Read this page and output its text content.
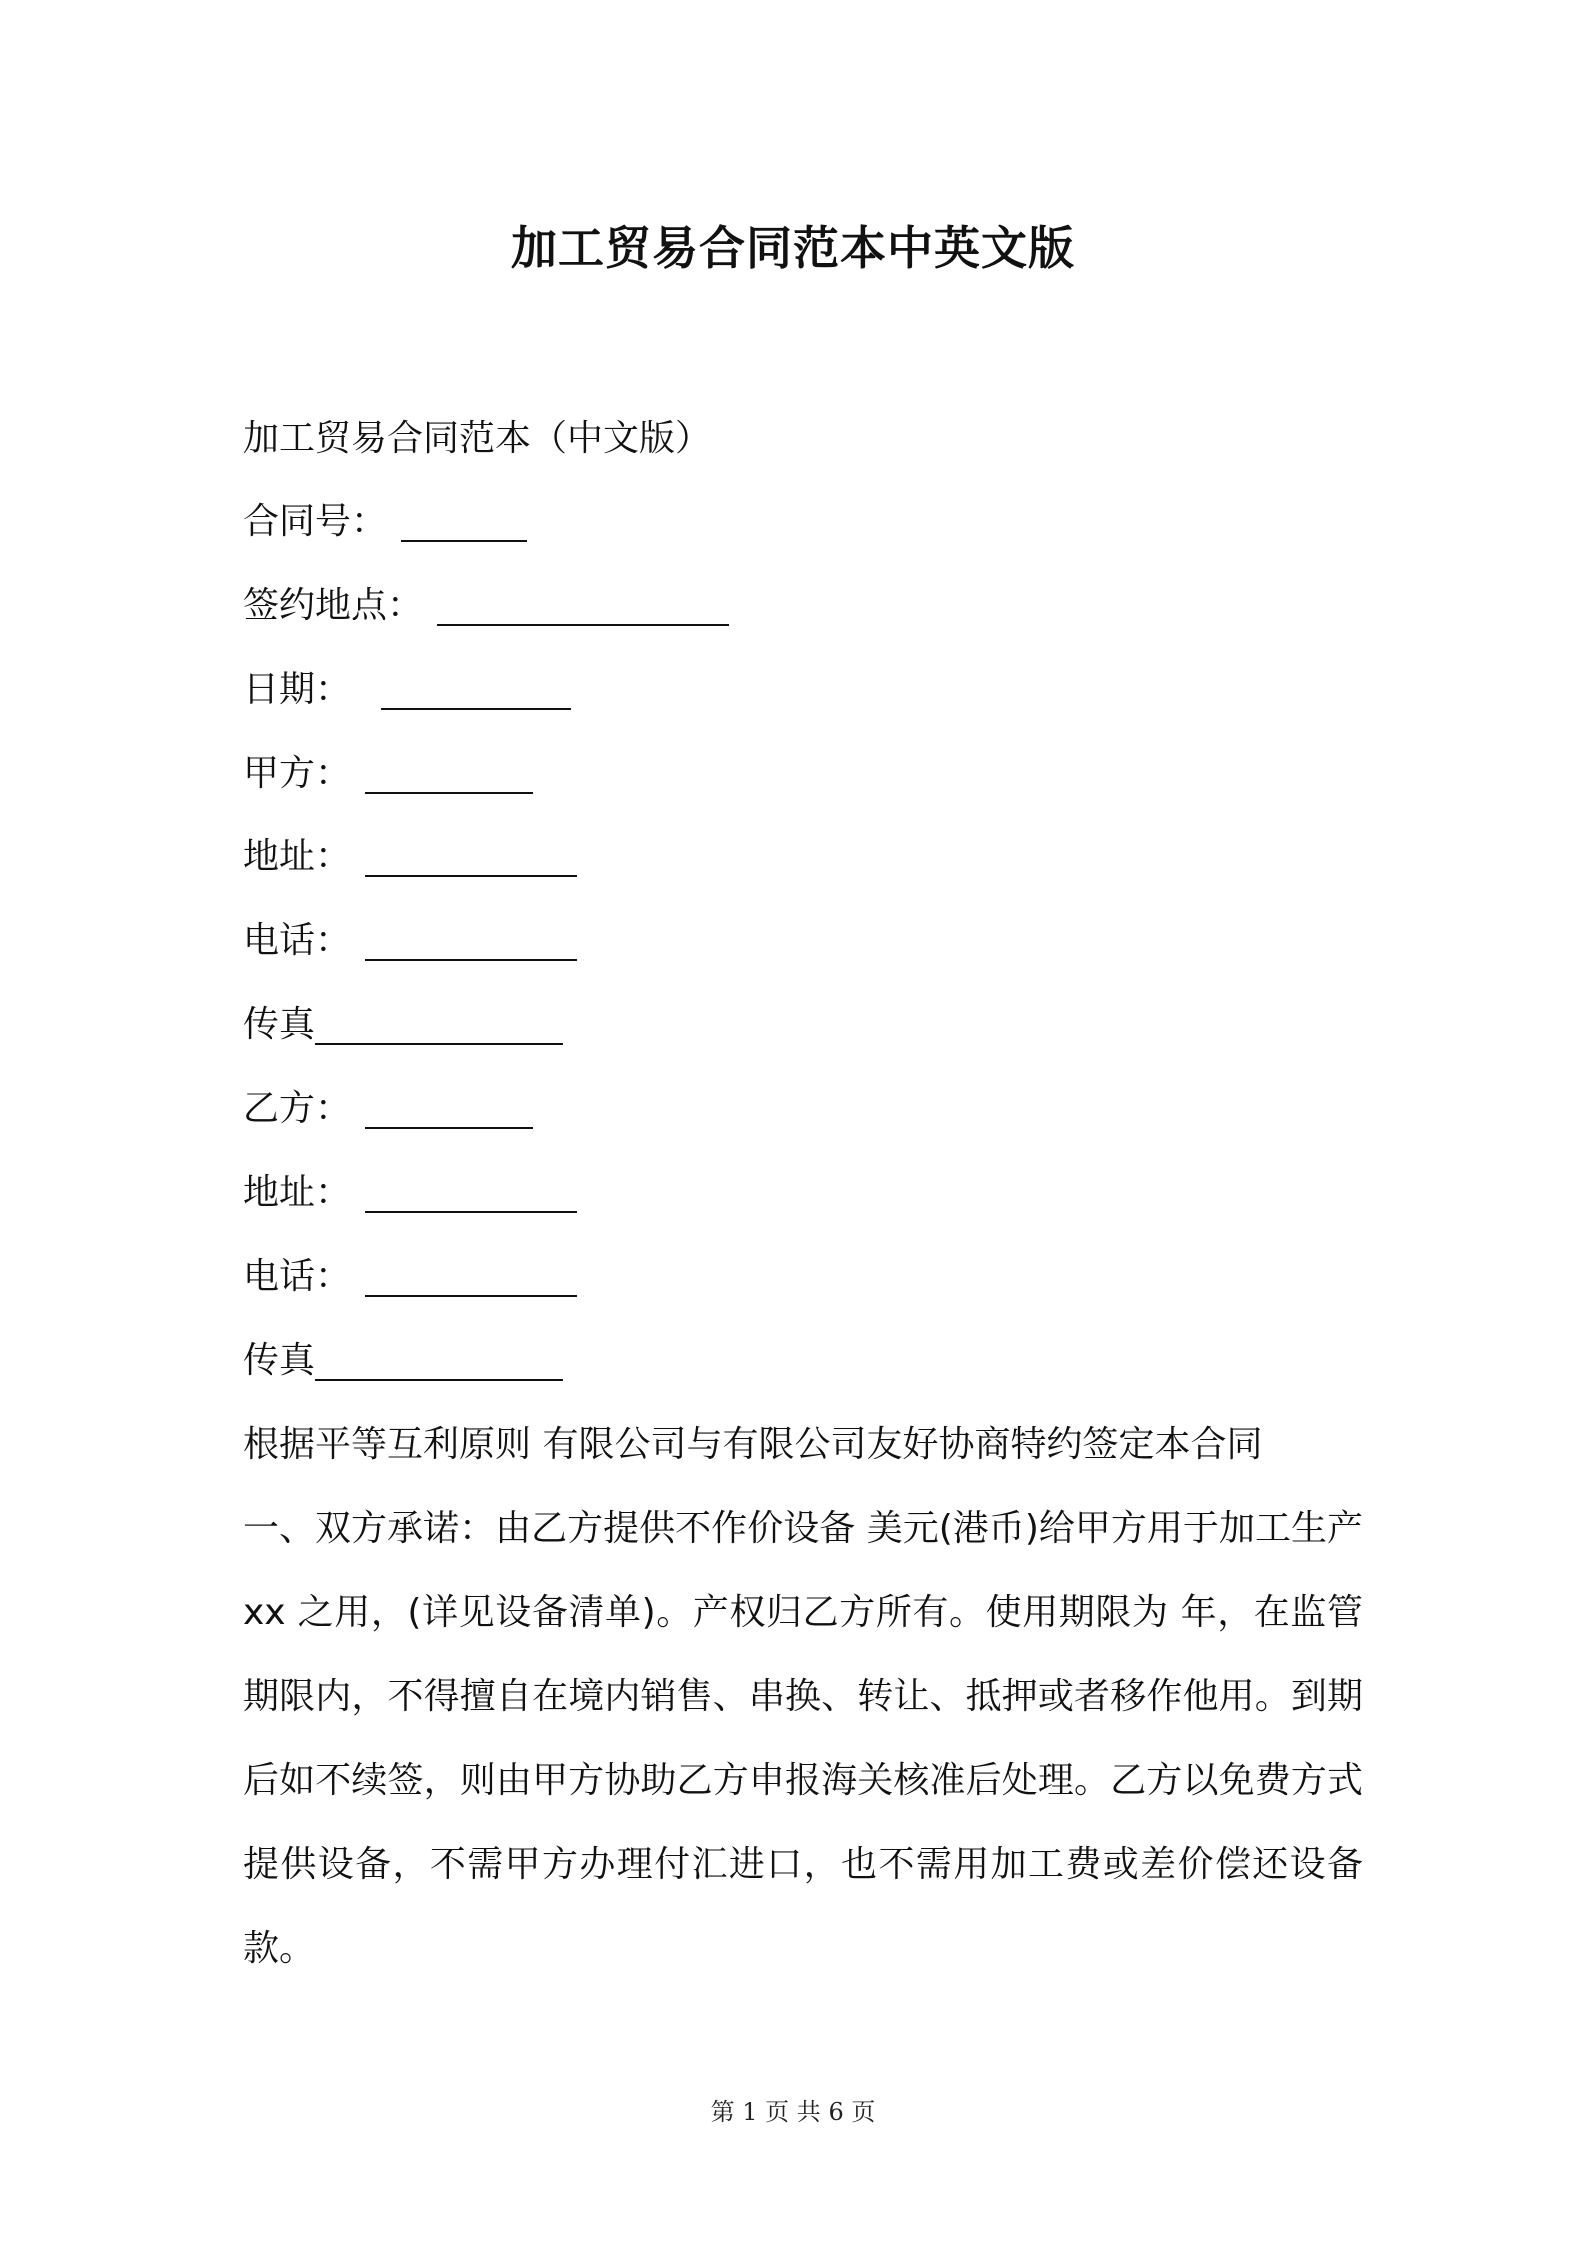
加工贸易合同范本中英文版
加工贸易合同范本（中文版）
合同号：
签约地点：
日期：
甲方：
地址：
电话：
传真
乙方：
地址：
电话：
传真
根据平等互利原则 有限公司与有限公司友好协商特约签定本合同
一、双方承诺：由乙方提供不作价设备 美元(港币)给甲方用于加工生产 xx 之用，(详见设备清单)。产权归乙方所有。使用期限为 年，在监管期限内，不得擅自在境内销售、串换、转让、抵押或者移作他用。到期后如不续签，则由甲方协助乙方申报海关核准后处理。乙方以免费方式提供设备，不需甲方办理付汇进口，也不需用加工费或差价偿还设备款。
第 1 页 共 6 页
